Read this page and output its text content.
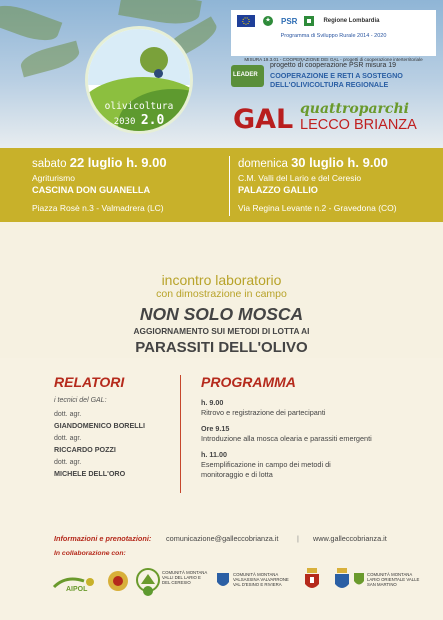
olivicoltura
2030 2.0
PSR	Regione Lombardia
Programma di Sviluppo Rurale 2014 - 2020
MISURA 19.3.01 - COOPERAZIONE DEI GAL - progetti di cooperazione interterritoriale
LEADER
progetto di cooperazione PSR misura 19
COOPERAZIONE E RETI A SOSTEGNO
DELL'OLIVICOLTURA REGIONALE
GAL quattroparchi
LECCO BRIANZA
sabato 22 luglio h. 9.00
Agriturismo
CASCINA DON GUANELLA
Piazza Rosè n.3 - Valmadrera (LC)
domenica 30 luglio h. 9.00
C.M. Valli del Lario e del Ceresio
PALAZZO GALLIO
Via Regina Levante n.2 - Gravedona (CO)
incontro laboratorio
con dimostrazione in campo
NON SOLO MOSCA
AGGIORNAMENTO SUI METODI DI LOTTA AI
PARASSITI DELL'OLIVO
RELATORI
i tecnici del GAL:
dott. agr.
GIANDOMENICO BORELLI
dott. agr.
RICCARDO POZZI
dott. agr.
MICHELE DELL'ORO
PROGRAMMA
h. 9.00
Ritrovo e registrazione dei partecipanti
Ore 9.15
Introduzione alla mosca olearia e parassiti emergenti
h. 11.00
Esemplificazione in campo dei metodi di
monitoraggio e di lotta
Informazioni e prenotazioni: comunicazione@galleccobrianza.it	| www.galleccobrianza.it
In collaborazione con:
AIPOL
COMUNITÀ MONTANA VALLI DEL LARIO E DEL CERESIO
COMUNITÀ MONTANA VALSASSINA VALVARRONE VAL D'ESINO E RIVIERA
COMUNITÀ MONTANA LARIO ORIENTALE VALLE SAN MARTINO
